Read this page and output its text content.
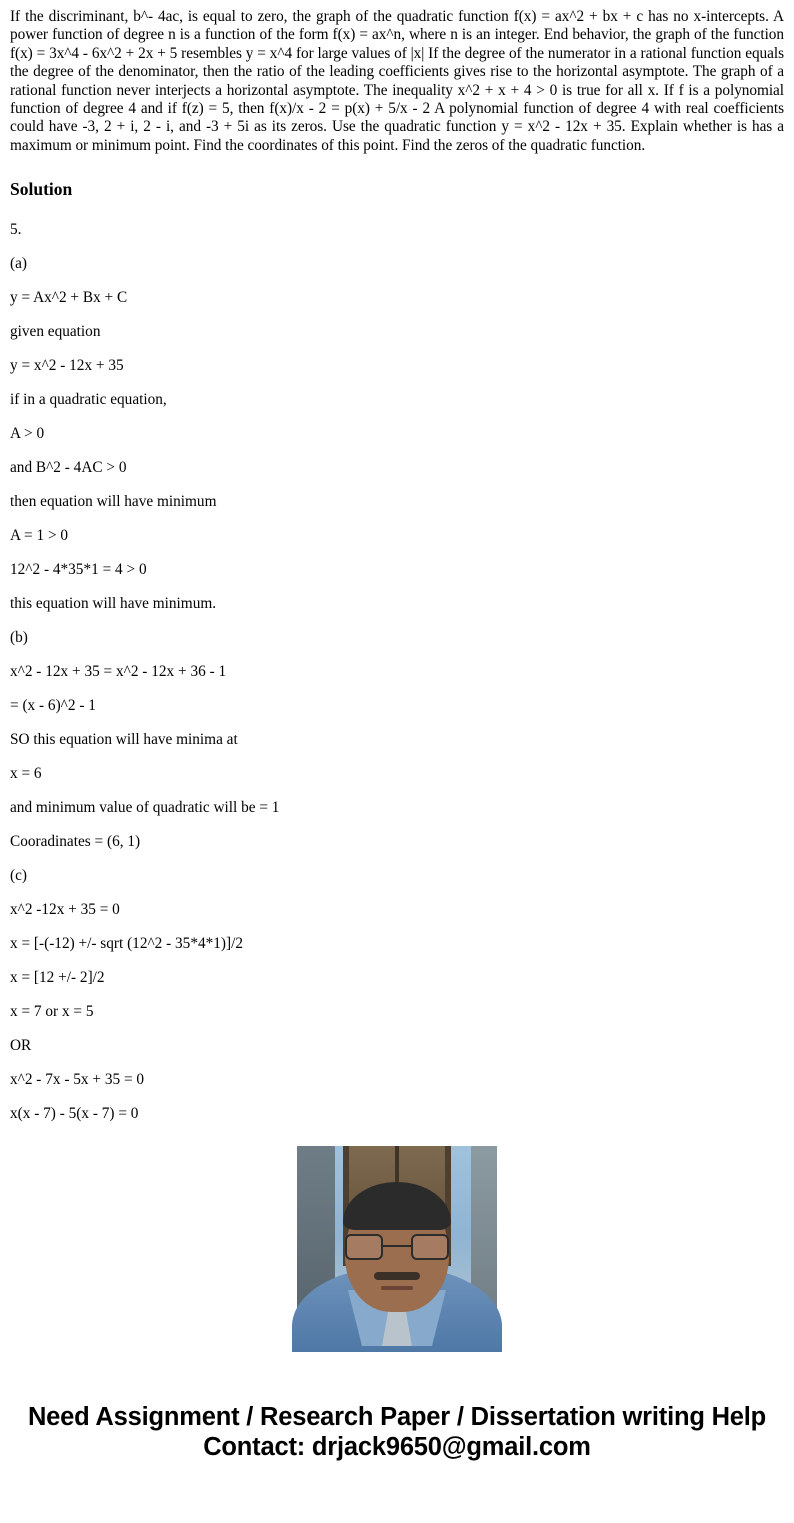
If the discriminant, b^- 4ac, is equal to zero, the graph of the quadratic function f(x) = ax^2 + bx + c has no x-intercepts. A power function of degree n is a function of the form f(x) = ax^n, where n is an integer. End behavior, the graph of the function f(x) = 3x^4 - 6x^2 + 2x + 5 resembles y = x^4 for large values of |x| If the degree of the numerator in a rational function equals the degree of the denominator, then the ratio of the leading coefficients gives rise to the horizontal asymptote. The graph of a rational function never interjects a horizontal asymptote. The inequality x^2 + x + 4 > 0 is true for all x. If f is a polynomial function of degree 4 and if f(z) = 5, then f(x)/x - 2 = p(x) + 5/x - 2 A polynomial function of degree 4 with real coefficients could have -3, 2 + i, 2 - i, and -3 + 5i as its zeros. Use the quadratic function y = x^2 - 12x + 35. Explain whether is has a maximum or minimum point. Find the coordinates of this point. Find the zeros of the quadratic function.

Solution
5.
(a)
y = Ax^2 + Bx + C
given equation
y = x^2 - 12x + 35
if in a quadratic equation,
A > 0
and B^2 - 4AC > 0
then equation will have minimum
A = 1 > 0
12^2 - 4*35*1 = 4 > 0
this equation will have minimum.
(b)
x^2 - 12x + 35 = x^2 - 12x + 36 - 1
= (x - 6)^2 - 1
SO this equation will have minima at
x = 6
and minimum value of quadratic will be = 1
Cooradinates = (6, 1)
(c)
x^2 -12x + 35 = 0
x = [-(-12) +/- sqrt (12^2 - 35*4*1)]/2
x = [12 +/- 2]/2
x = 7 or x = 5
OR
x^2 - 7x - 5x + 35 = 0
x(x - 7) - 5(x - 7) = 0
Need Assignment / Research Paper / Dissertation writing Help
Contact: drjack9650@gmail.com
